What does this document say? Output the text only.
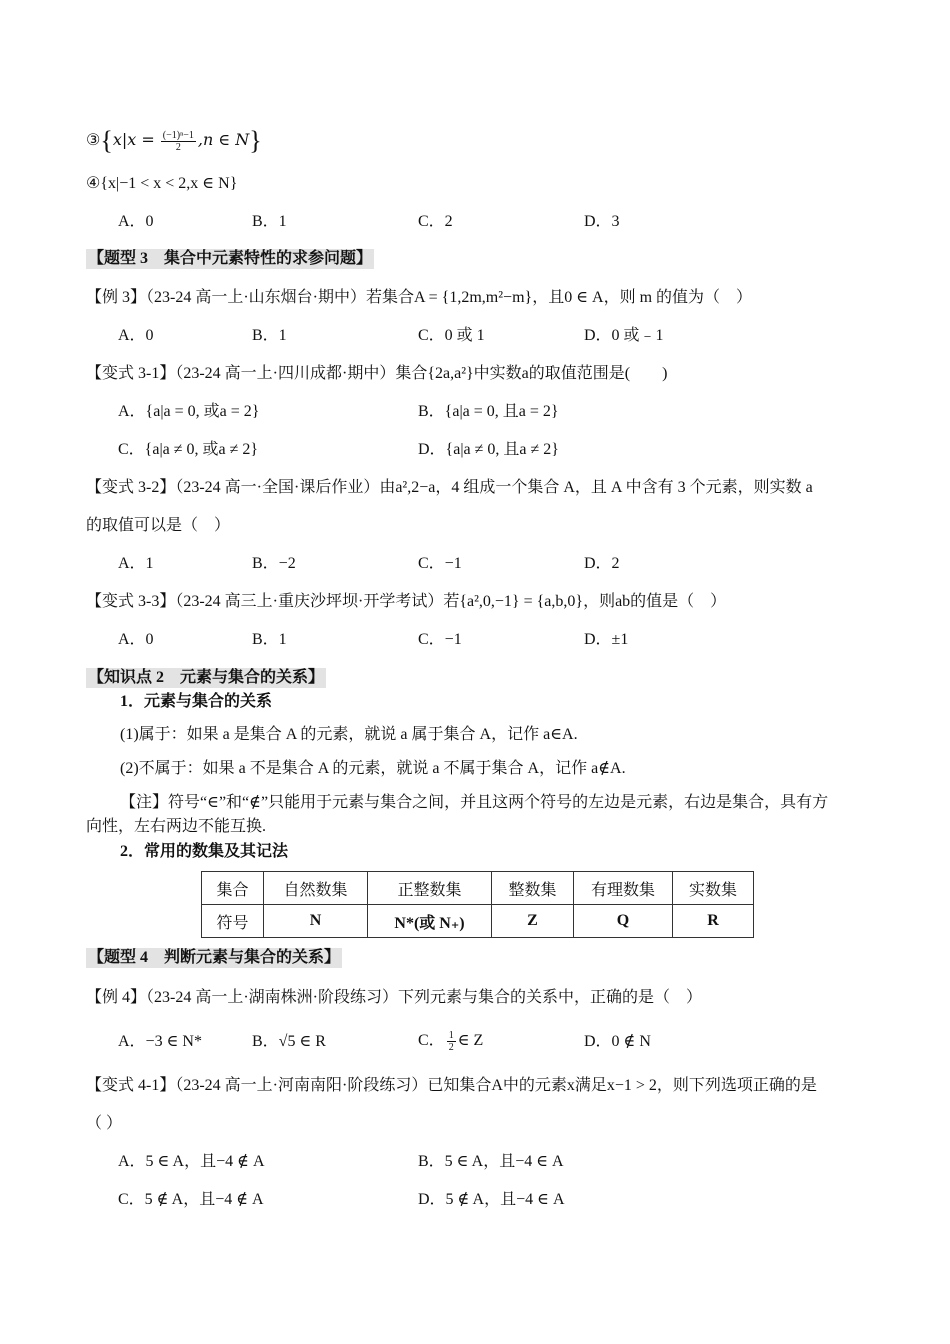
③{x|x = $\frac{\text{(−1)ⁿ−1}}{2} ,n$ ∈ N}
④{x|−1 < x < 2,x ∈ N}
A．0	B．1	C．2	D．3
【题型 3　集合中元素特性的求参问题】
【例 3】（23-24 高一上·山东烟台·期中）若集合A = {1,2m,m²−m}，且0 ∈ A，则 m 的值为（　）
A．0	B．1	C．0 或 1	D．0 或﹣1
【变式 3-1】（23-24 高一上·四川成都·期中）集合{2a,a²}中实数a的取值范围是(　　)
A．{a|a = 0, 或a = 2}	B．{a|a = 0, 且a = 2}
C．{a|a ≠ 0, 或a ≠ 2}	D．{a|a ≠ 0, 且a ≠ 2}
【变式 3-2】（23-24 高一·全国·课后作业）由a²,2−a，4 组成一个集合 A，且 A 中含有 3 个元素，则实数 a
的取值可以是（　）
A．1	B．−2	C．−1	D．2
【变式 3-3】（23-24 高三上·重庆沙坪坝·开学考试）若{a²,0,−1} = {a,b,0}，则ab的值是（　）
A．0	B．1	C．−1	D．±1
【知识点 2　元素与集合的关系】
1．元素与集合的关系
(1)属于：如果 a 是集合 A 的元素，就说 a 属于集合 A，记作 a∈A.
(2)不属于：如果 a 不是集合 A 的元素，就说 a 不属于集合 A，记作 a∉A.
【注】符号“∈”和“∉”只能用于元素与集合之间，并且这两个符号的左边是元素，右边是集合，具有方
向性，左右两边不能互换.
2．常用的数集及其记法
集合	自然数集	正整数集	整数集	有理数集	实数集
符号	N	N*(或 N₊)	Z	Q	R
【题型 4　判断元素与集合的关系】
【例 4】（23-24 高一上·湖南株洲·阶段练习）下列元素与集合的关系中，正确的是（　）
A．−3 ∈ N*	B．√5 ∈ R	C． $\frac{1}{2}$ ∈ Z	D．0 ∉ N
【变式 4-1】（23-24 高一上·河南南阳·阶段练习）已知集合A中的元素x满足x−1 > 2，则下列选项正确的是
（ ）
A．5 ∈ A，且−4 ∉ A	B．5 ∈ A，且−4 ∈ A
C．5 ∉ A，且−4 ∉ A	D．5 ∉ A，且−4 ∈ A
